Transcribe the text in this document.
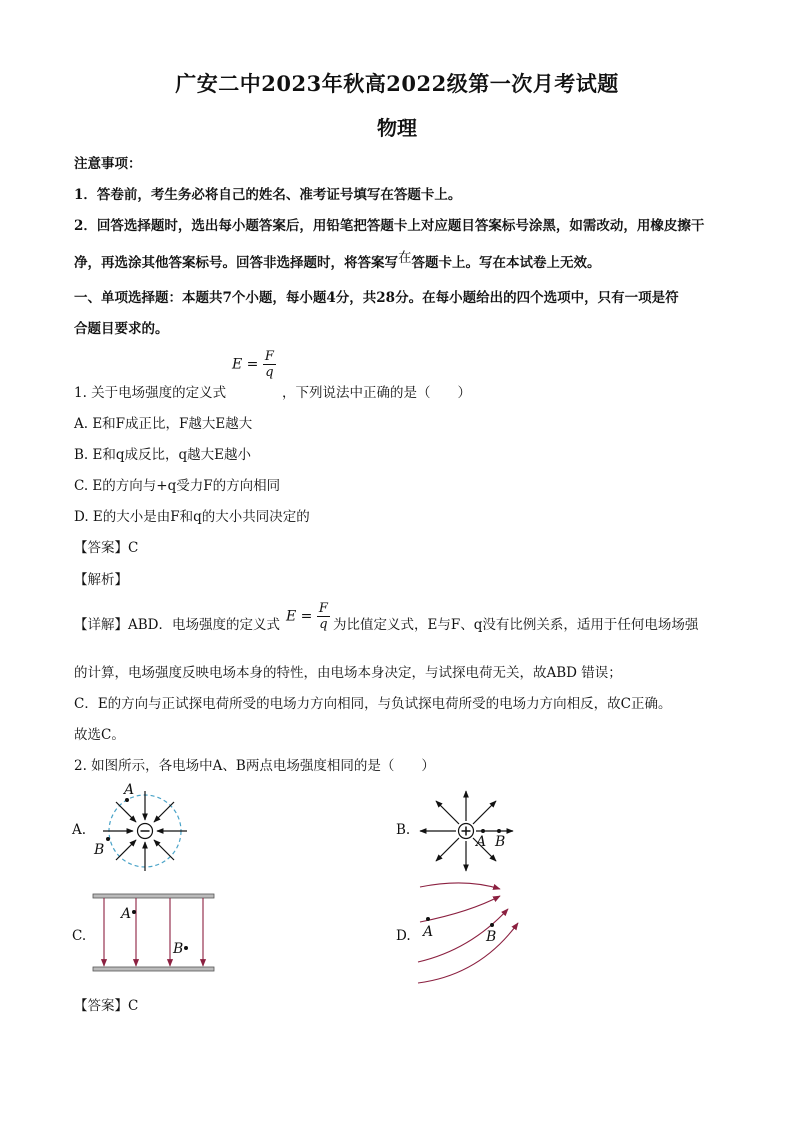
广安二中2023年秋高2022级第一次月考试题
物理
注意事项：
1．答卷前，考生务必将自己的姓名、准考证号填写在答题卡上。
2．回答选择题时，选出每小题答案后，用铅笔把答题卡上对应题目答案标号涂黑，如需改动，用橡皮擦干
净，再选涂其他答案标号。回答非选择题时，将答案写在答题卡上。写在本试卷上无效。
一、单项选择题：本题共7个小题，每小题4分，共28分。在每小题给出的四个选项中，只有一项是符
合题目要求的。
1. 关于电场强度的定义式
$E = \frac{F}{q}$
，下列说法中正确的是（　　）
A. E和F成正比，F越大E越大
B. E和q成反比，q越大E越小
C. E的方向与+q受力F的方向相同
D. E的大小是由F和q的大小共同决定的
【答案】C
【解析】
【详解】ABD．电场强度的定义式
$E = \frac{F}{q}$ 为比值定义式，E与F、q没有比例关系，适用于任何电场场强
的计算，电场强度反映电场本身的特性，由电场本身决定，与试探电荷无关，故ABD 错误；
C．E的方向与正试探电荷所受的电场力方向相同，与负试探电荷所受的电场力方向相反，故C正确。
故选C。
2. 如图所示，各电场中A、B两点电场强度相同的是（　　）
A.	B.
C.	D.
A
B	A B
A
B
A	B
【答案】C
